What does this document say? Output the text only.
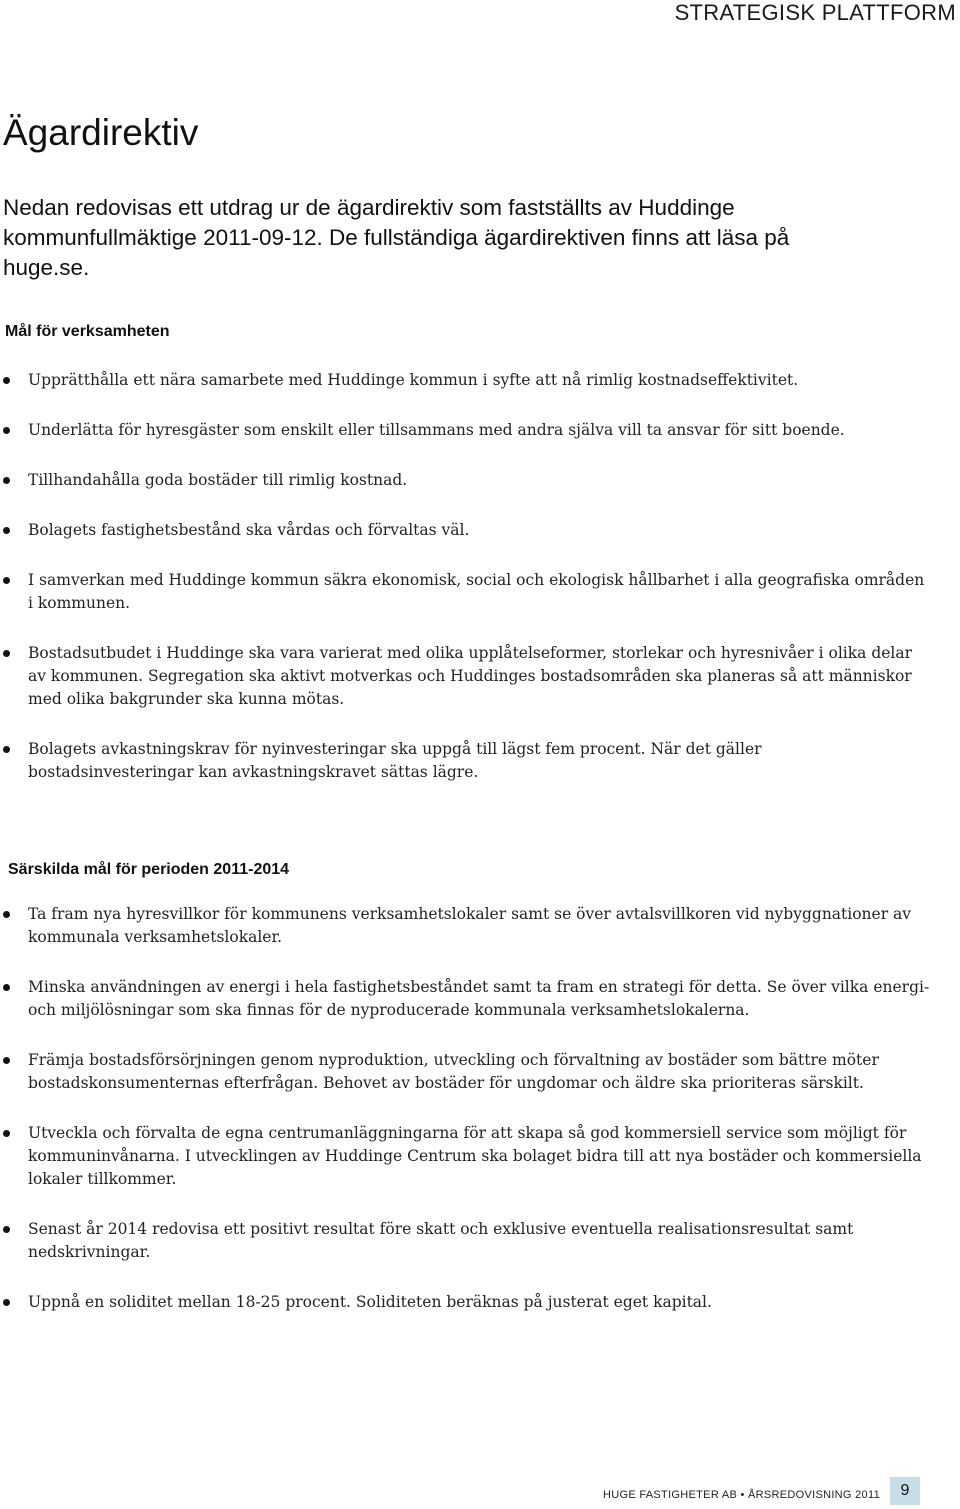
STRATEGISK PLATTFORM
Ägardirektiv

Nedan redovisas ett utdrag ur de ägardirektiv som fastställts av Huddinge kommunfullmäktige 2011-09-12. De fullständiga ägardirektiven finns att läsa på huge.se.

Mål för verksamheten
Upprätthålla ett nära samarbete med Huddinge kommun i syfte att nå rimlig kostnadseffektivitet.
Underlätta för hyresgäster som enskilt eller tillsammans med andra själva vill ta ansvar för sitt boende.
Tillhandahålla goda bostäder till rimlig kostnad.
Bolagets fastighetsbestånd ska vårdas och förvaltas väl.
I samverkan med Huddinge kommun säkra ekonomisk, social och ekologisk hållbarhet i alla geografiska områden i kommunen.
Bostadsutbudet i Huddinge ska vara varierat med olika upplåtelseformer, storlekar och hyresnivåer i olika delar av kommunen. Segregation ska aktivt motverkas och Huddinges bostadsområden ska planeras så att människor med olika bakgrunder ska kunna mötas.
Bolagets avkastningskrav för nyinvesteringar ska uppgå till lägst fem procent. När det gäller bostadsinvesteringar kan avkastningskravet sättas lägre.
Särskilda mål för perioden 2011-2014
Ta fram nya hyresvillkor för kommunens verksamhetslokaler samt se över avtalsvillkoren vid nybyggnationer av kommunala verksamhetslokaler.
Minska användningen av energi i hela fastighetsbeståndet samt ta fram en strategi för detta. Se över vilka energi- och miljölösningar som ska finnas för de nyproducerade kommunala verksamhetslokalerna.
Främja bostadsförsörjningen genom nyproduktion, utveckling och förvaltning av bostäder som bättre möter bostadskonsumenternas efterfrågan. Behovet av bostäder för ungdomar och äldre ska prioriteras särskilt.
Utveckla och förvalta de egna centrumanläggningarna för att skapa så god kommersiell service som möjligt för kommuninvånarna. I utvecklingen av Huddinge Centrum ska bolaget bidra till att nya bostäder och kommersiella lokaler tillkommer.
Senast år 2014 redovisa ett positivt resultat före skatt och exklusive eventuella realisationsresultat samt nedskrivningar.
Uppnå en soliditet mellan 18-25 procent. Soliditeten beräknas på justerat eget kapital.
HUGE FASTIGHETER AB • ÅRSREDOVISNING 2011	9
